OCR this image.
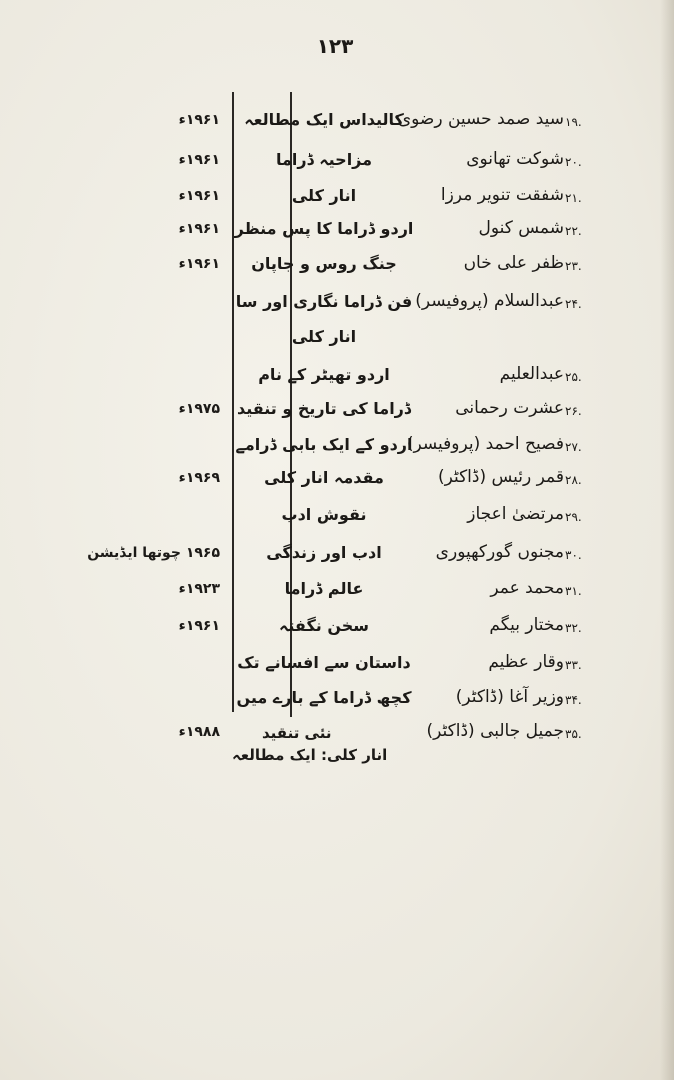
۱۲۳
۱۹.
سید صمد حسین رضوی
کالیداس ایک مطالعہ
۱۹۶۱ء
۲۰.
شوکت تھانوی
مزاحیہ ڈراما
۱۹۶۱ء
۲۱.
شفقت تنویر مرزا
انار کلی
۱۹۶۱ء
۲۲.
شمس کنول
اردو ڈراما کا پس منظر
۱۹۶۱ء
۲۳.
ظفر علی خاں
جنگ روس و جاپان
۱۹۶۱ء
۲۴.
عبدالسلام (پروفیسر)
فن ڈراما نگاری اور سا
انار کلی
۲۵.
عبدالعلیم
اردو تھیٹر کے نام
۲۶.
عشرت رحمانی
ڈراما کی تاریخ و تنقید
۱۹۷۵ء
۲۷.
فصیح احمد (پروفیسر)
اردو کے ایک بابی ڈرامے
۲۸.
قمر رئیس (ڈاکٹر)
مقدمہ انار کلی
۱۹۶۹ء
۲۹.
مرتضیٰ اعجاز
نقوش ادب
۳۰.
مجنوں گورکھپوری
ادب اور زندگی
۱۹۶۵ چوتھا ایڈیشن
۳۱.
محمد عمر
عالم ڈراما
۱۹۲۳ء
۳۲.
مختار بیگم
سخن نگفتہ
۱۹۶۱ء
۳۳.
وقار عظیم
داستان سے افسانے تک
۳۴.
وزیر آغا (ڈاکٹر)
کچھ ڈراما کے بارے میں
۳۵.
جمیل جالبی (ڈاکٹر)
۱۹۸۸ء	نئی تنقید
انار کلی: ایک مطالعہ
